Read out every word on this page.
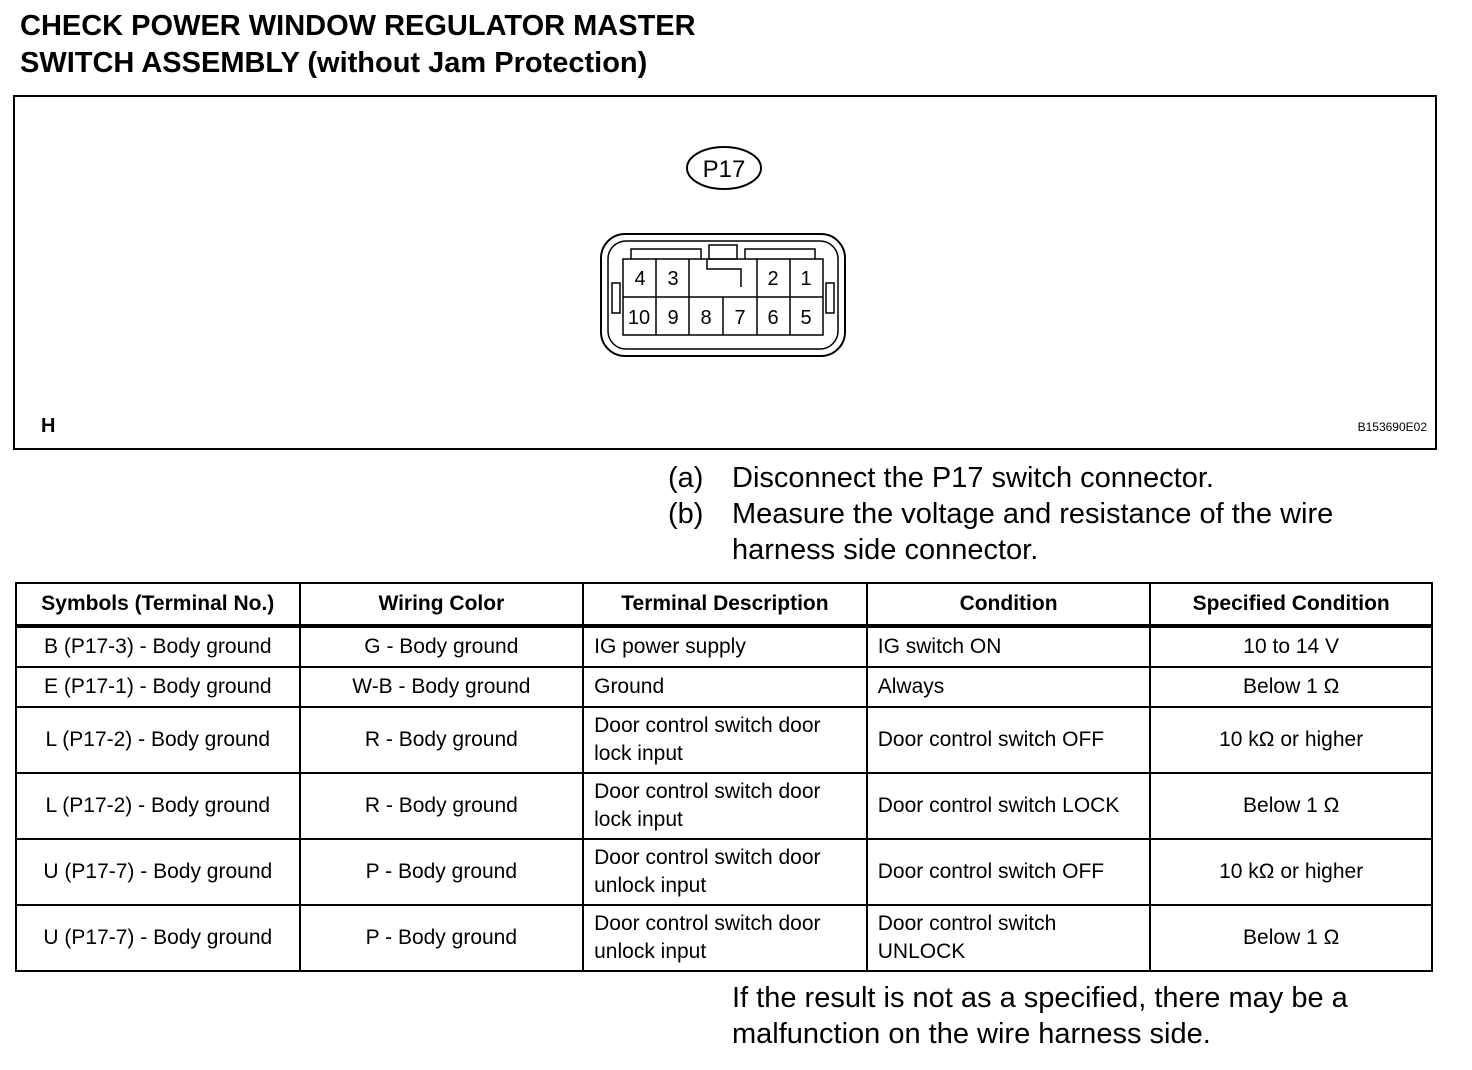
CHECK POWER WINDOW REGULATOR MASTER
SWITCH ASSEMBLY (without Jam Protection)
P17
4 3	2 1
10 9 8 7 6 5
H	B153690E02
(a) Disconnect the P17 switch connector.
(b) Measure the voltage and resistance of the wire harness side connector.
Symbols (Terminal No.)	Wiring Color	Terminal Description	Condition	Specified Condition
B (P17-3) - Body ground	G - Body ground	IG power supply	IG switch ON	10 to 14 V
E (P17-1) - Body ground	W-B - Body ground	Ground	Always	Below 1 Ω
L (P17-2) - Body ground	R - Body ground	Door control switch door lock input	Door control switch OFF	10 kΩ or higher
L (P17-2) - Body ground	R - Body ground	Door control switch door lock input	Door control switch LOCK	Below 1 Ω
U (P17-7) - Body ground	P - Body ground	Door control switch door unlock input	Door control switch OFF	10 kΩ or higher
U (P17-7) - Body ground	P - Body ground	Door control switch door unlock input	Door control switch UNLOCK	Below 1 Ω
If the result is not as a specified, there may be a malfunction on the wire harness side.
